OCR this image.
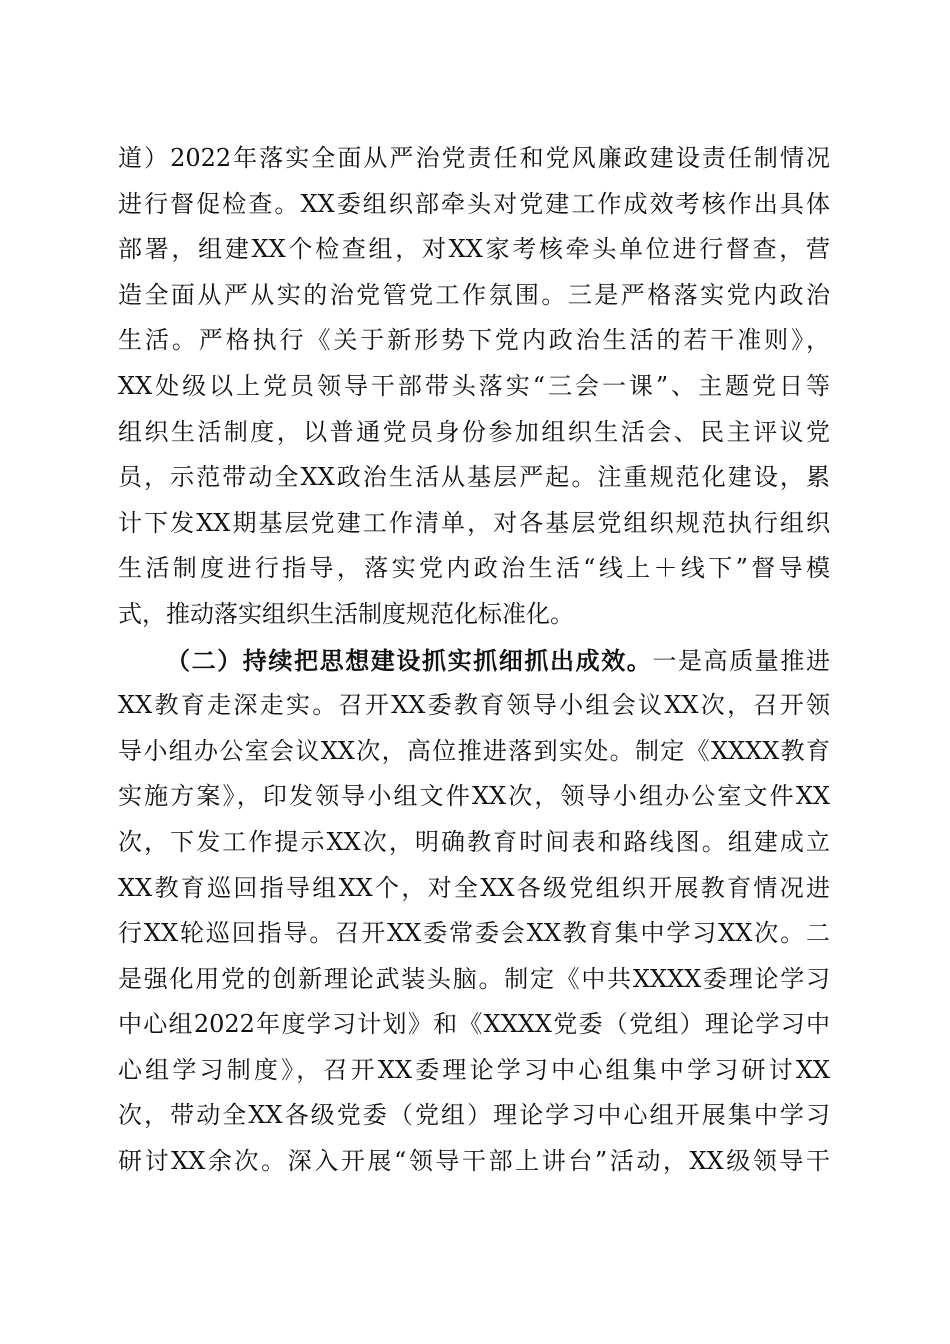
道）2022年落实全面从严治党责任和党风廉政建设责任制情况
进行督促检查。XX委组织部牵头对党建工作成效考核作出具体
部署，组建XX个检查组，对XX家考核牵头单位进行督查，营
造全面从严从实的治党管党工作氛围。三是严格落实党内政治
生活。严格执行《关于新形势下党内政治生活的若干准则》，
XX处级以上党员领导干部带头落实“三会一课”、主题党日等
组织生活制度，以普通党员身份参加组织生活会、民主评议党
员，示范带动全XX政治生活从基层严起。注重规范化建设，累
计下发XX期基层党建工作清单，对各基层党组织规范执行组织
生活制度进行指导，落实党内政治生活“线上＋线下”督导模
式，推动落实组织生活制度规范化标准化。
（二）持续把思想建设抓实抓细抓出成效。一是高质量推进
XX教育走深走实。召开XX委教育领导小组会议XX次，召开领
导小组办公室会议XX次，高位推进落到实处。制定《XXXX教育
实施方案》，印发领导小组文件XX次，领导小组办公室文件XX
次，下发工作提示XX次，明确教育时间表和路线图。组建成立
XX教育巡回指导组XX个，对全XX各级党组织开展教育情况进
行XX轮巡回指导。召开XX委常委会XX教育集中学习XX次。二
是强化用党的创新理论武装头脑。制定《中共XXXX委理论学习
中心组2022年度学习计划》和《XXXX党委（党组）理论学习中
心组学习制度》，召开XX委理论学习中心组集中学习研讨XX
次，带动全XX各级党委（党组）理论学习中心组开展集中学习
研讨XX余次。深入开展“领导干部上讲台”活动，XX级领导干
